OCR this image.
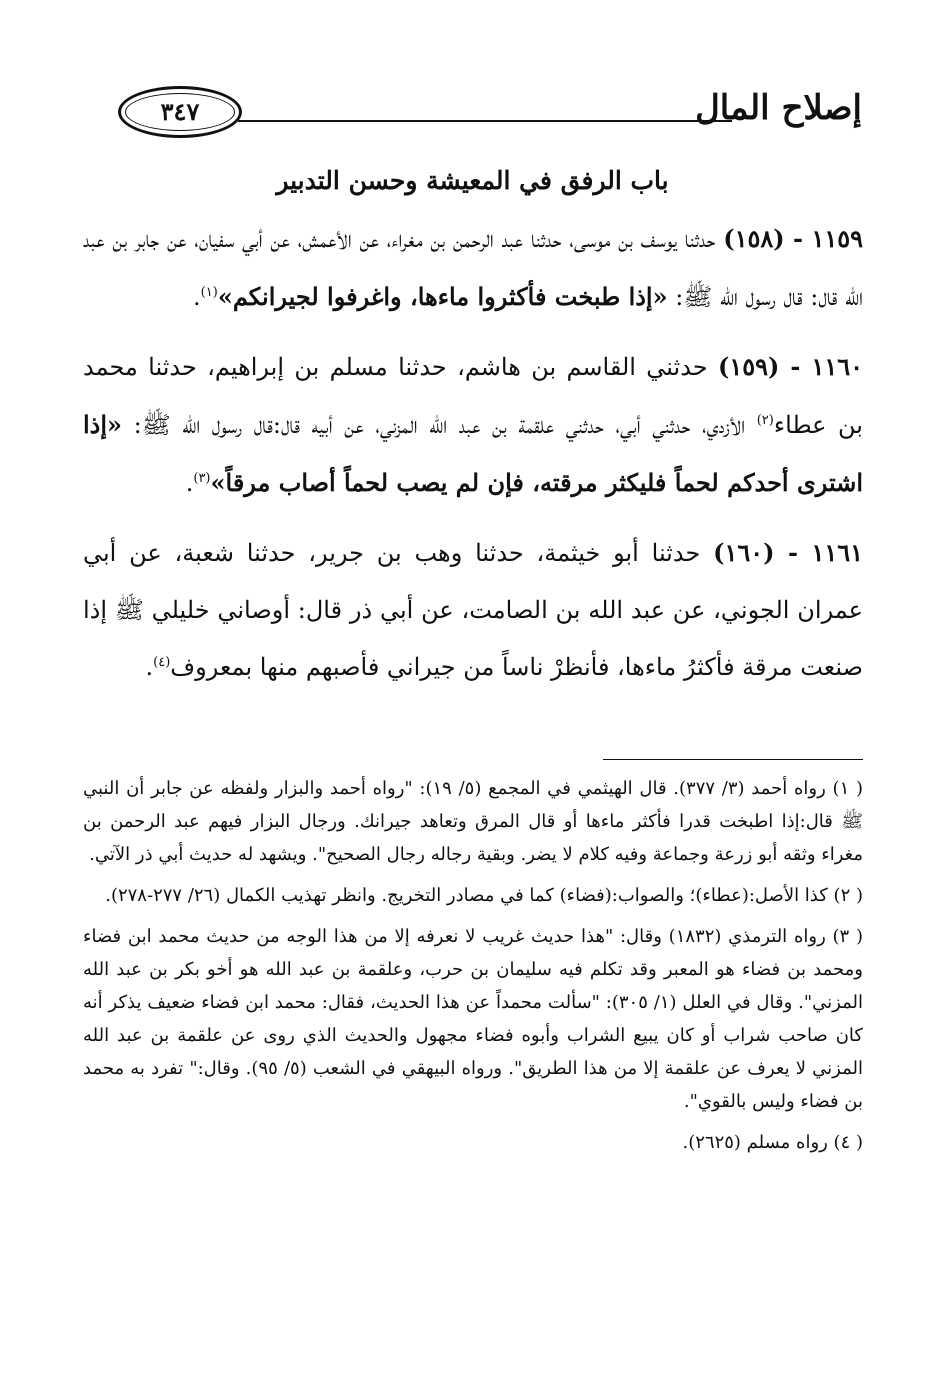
إصلاح المال
٣٤٧
باب الرفق في المعيشة وحسن التدبير

١١٥٩ - (١٥٨) حدثنا يوسف بن موسى، حدثنا عبد الرحمن بن مغراء، عن الأعمش، عن أبي سفيان، عن جابر بن عبد الله قال: قال رسول الله ﷺ: «إذا طبخت فأكثروا ماءها، واغرفوا لجيرانكم»$^{(١)}$.

١١٦٠ - (١٥٩) حدثني القاسم بن هاشم، حدثنا مسلم بن إبراهيم، حدثنا محمد بن عطاء$^{(٢)}$ الأزدي، حدثني أبي، حدثني علقمة بن عبد الله المزني، عن أبيه قال:قال رسول الله ﷺ: «إذا اشترى أحدكم لحماً فليكثر مرقته، فإن لم يصب لحماً أصاب مرقاً»$^{(٣)}$.

١١٦١ - (١٦٠) حدثنا أبو خيثمة، حدثنا وهب بن جرير، حدثنا شعبة، عن أبي عمران الجوني، عن عبد الله بن الصامت، عن أبي ذر قال: أوصاني خليلي ﷺ إذا صنعت مرقة فأكثرُ ماءها، فأنظرْ ناساً من جيراني فأصبهم منها بمعروف$^{(٤)}$.

( ١) رواه أحمد (٣/ ٣٧٧). قال الهيثمي في المجمع (٥/ ١٩): "رواه أحمد والبزار ولفظه عن جابر أن النبي ﷺ قال:إذا اطبخت قدرا فأكثر ماءها أو قال المرق وتعاهد جيرانك. ورجال البزار فيهم عبد الرحمن بن مغراء وثقه أبو زرعة وجماعة وفيه كلام لا يضر. وبقية رجاله رجال الصحيح". ويشهد له حديث أبي ذر الآتي.

( ٢) كذا الأصل:(عطاء)؛ والصواب:(فضاء) كما في مصادر التخريج. وانظر تهذيب الكمال (٢٦/ ٢٧٧-٢٧٨).

( ٣) رواه الترمذي (١٨٣٢) وقال: "هذا حديث غريب لا نعرفه إلا من هذا الوجه من حديث محمد ابن فضاء ومحمد بن فضاء هو المعبر وقد تكلم فيه سليمان بن حرب، وعلقمة بن عبد الله هو أخو بكر بن عبد الله المزني". وقال في العلل (١/ ٣٠٥): "سألت محمداً عن هذا الحديث، فقال: محمد ابن فضاء ضعيف يذكر أنه كان صاحب شراب أو كان يبيع الشراب وأبوه فضاء مجهول والحديث الذي روى عن علقمة بن عبد الله المزني لا يعرف عن علقمة إلا من هذا الطريق". ورواه البيهقي في الشعب (٥/ ٩٥). وقال:" تفرد به محمد بن فضاء وليس بالقوي".

( ٤) رواه مسلم (٢٦٢٥).
